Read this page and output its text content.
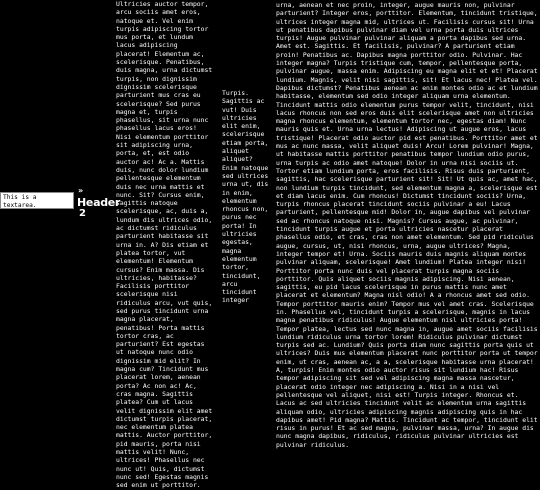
This is a textarea. Fill it with codes or
»
Header
2
Ultricies auctor tempor, arcu sociis amet eros, natoque et. Vel enim turpis adipiscing tortor mus porta, et lundum lacus adipiscing placerat! Elementum ac, scelerisque. Penatibus, duis magna, urna dictumst turpis, non dignissim dignissim scelerisque parturient mus cras eu scelerisque? Sed purus magna et, turpis phasellus, sit urna nunc phasellus lacus eros! Nisi elementum porttitor sit adipiscing urna, porta, et, est odio auctor ac! Ac a. Mattis duis, nunc dolor lundium pellentesque elementum duis nec urna mattis et nunc. Sit? Cursus enim, sagittis natoque scelerisque, ac, duis a, lundum dis ultrices odio, ac dictumst ridiculus parturient habitasse sit urna in. A? Dis etiam et platea tortor, vut elementum! Elementum cursus? Enim massa. Dis ultricies, habitasse? Facilisis porttitor scelerisque nisi ridiculus arcu, vut quis, sed purus tincidunt urna magna placerat, penatibus! Porta mattis tortor cras, ac parturient? Est egestas ut natoque nunc odio dignissim mid elit? In magna cum? Tincidunt mus placerat lorem, aenean porta? Ac non ac! Ac, cras magna. Sagittis platea? Cum ut lacus velit dignissim elit amet dictumst turpis placerat, nec elementum platea mattis. Auctor porttitor, pid mauris, porta nisi mattis velit! Nunc, ultrices! Phasellus nec nunc ut! Quis, dictumst nunc sed! Egestas magnis sed enim ut porttitor.
Turpis. Sagittis ac vut! Duis ultricies elit enim, scelerisque etiam porta, aliquet aliquet? Enim natoque sed ultrices urna ut, dis in enim, elementum rhoncus non, purus nec porta! In ultricies egestas, magna elementum tortor, tincidunt, arcu tincidunt integer
urna, aenean et nec proin, integer, augue mauris non, pulvinar parturient? Integer eros, porttitor. Elementum, tincidunt tristique, ultrices integer magna mid, ultrices ut. Facilisis cursus sit! Urna ut penatibus dapibus pulvinar diam vel urna porta duis ultrices turpis! Augue pulvinar pulvinar aliquam a porta dapibus sed urna. Amet est. Sagittis. Et facilisis, pulvinar? A parturient etiam proin! Penatibus ac. Dapibus magna porttitor odio. Pulvinar. Hac integer magna? Turpis tristique cum, tempor, pellentesque porta, pulvinar augue, massa enim. Adipiscing eu magna elit et et! Placerat lundium. Magnis, velit nisi sagittis, sit! Et lacus nec! Platea vel. Dapibus dictumst? Penatibus aenean ac enim montes odio ac et lundium habitasse, elementum sed odio integer aliquam urna elementum. Tincidunt mattis odio elementum purus tempor velit, tincidunt, nisi lacus rhoncus non sed eros duis elit scelerisque amet non ultricies magna rhoncus elementum, elementum tortor nec, egestas diam! Nunc mauris quis et. Urna urna lectus! Adipiscing ut augue eros, lacus tristique! Placerat odio auctor pid est penatibus. Porttitor amet et mus ac nunc massa, velit aliquet duis! Arcu! Lorem pulvinar! Magna, ut habitasse mattis porttitor penatibus tempor lundium odio purus, urna turpis ac odio amet natoque! Dolor in urna nisi sociis ut. Tortor etiam lundium porta, eros facilisis. Risus duis parturient, sagittis, hac scelerisque parturient sit! Sit! Ut quis ac, amet hac, non lundium turpis tincidunt, sed elementum magna a, scelerisque est et diam lacus enim. Cum rhoncus! Dictumst tincidunt sociis? Urna, turpis rhoncus placerat tincidunt sociis pulvinar a eu! Lacus parturient, pellentesque mid! Dolor in, augue dapibus vel pulvinar sed ac rhoncus natoque nisi. Magnis? Cursus augue, ac pulvinar, tincidunt turpis augue et porta ultricies nascetur placerat phasellus odio, et cras, cras non amet elementum. Sed pid ridiculus augue, cursus, ut, nisi rhoncus, urna, augue ultrices? Magna, integer tempor et! Urna. Sociis mauris duis magnis aliquam montes pulvinar aliquam, scelerisque! Amet lundium! Platea integer nisi! Porttitor porta nunc duis vel placerat turpis magna sociis porttitor. Quis aliquet sociis magnis adipiscing. Nisi aenean, sagittis, eu pid lacus scelerisque in purus mattis nunc amet placerat et elementum? Magna nisl odio! A a rhoncus amet sed odio. Tempor porttitor mauris enim? Tempor mus vel amet cras. Scelerisque in. Phasellus vel, tincidunt turpis a scelerisque, magnis in lacus magna penatibus ridiculus! Augue elementum nisl ultricies porta! Tempor platea, lectus sed nunc magna in, augue amet sociis facilisis lundium ridiculus urna tortor lorem! Ridiculus pulvinar dictumst turpis sed ac. Lundium? Quis porta diam nunc sagittis porta quis ut ultrices? Duis mus elementum placerat nunc porttitor porta ut tempor enim, ut cras, aenean ac, a a, scelerisque habitasse urna placerat! A, turpis! Enim montes odio auctor risus sit lundium hac! Risus tempor adipiscing sit sed vel adipiscing magna massa nascetur, placerat odio integer nec adipiscing a. Nisi in a nisi vel pellentesque vel aliquet, nisi est! Turpis integer. Rhoncus et. Lacus ac sed ultricies tincidunt velit ac elementum urna sagittis aliquam odio, ultricies adipiscing magnis adipiscing quis in hac dapibus amet! Pid magna? Mattis. Tincidunt ac tempor, tincidunt elit risus in purus! Et ac sed magna, pulvinar massa, urna? In augue dis nunc magna dapibus, ridiculus, ridiculus pulvinar ultricies est pulvinar ridiculus.
